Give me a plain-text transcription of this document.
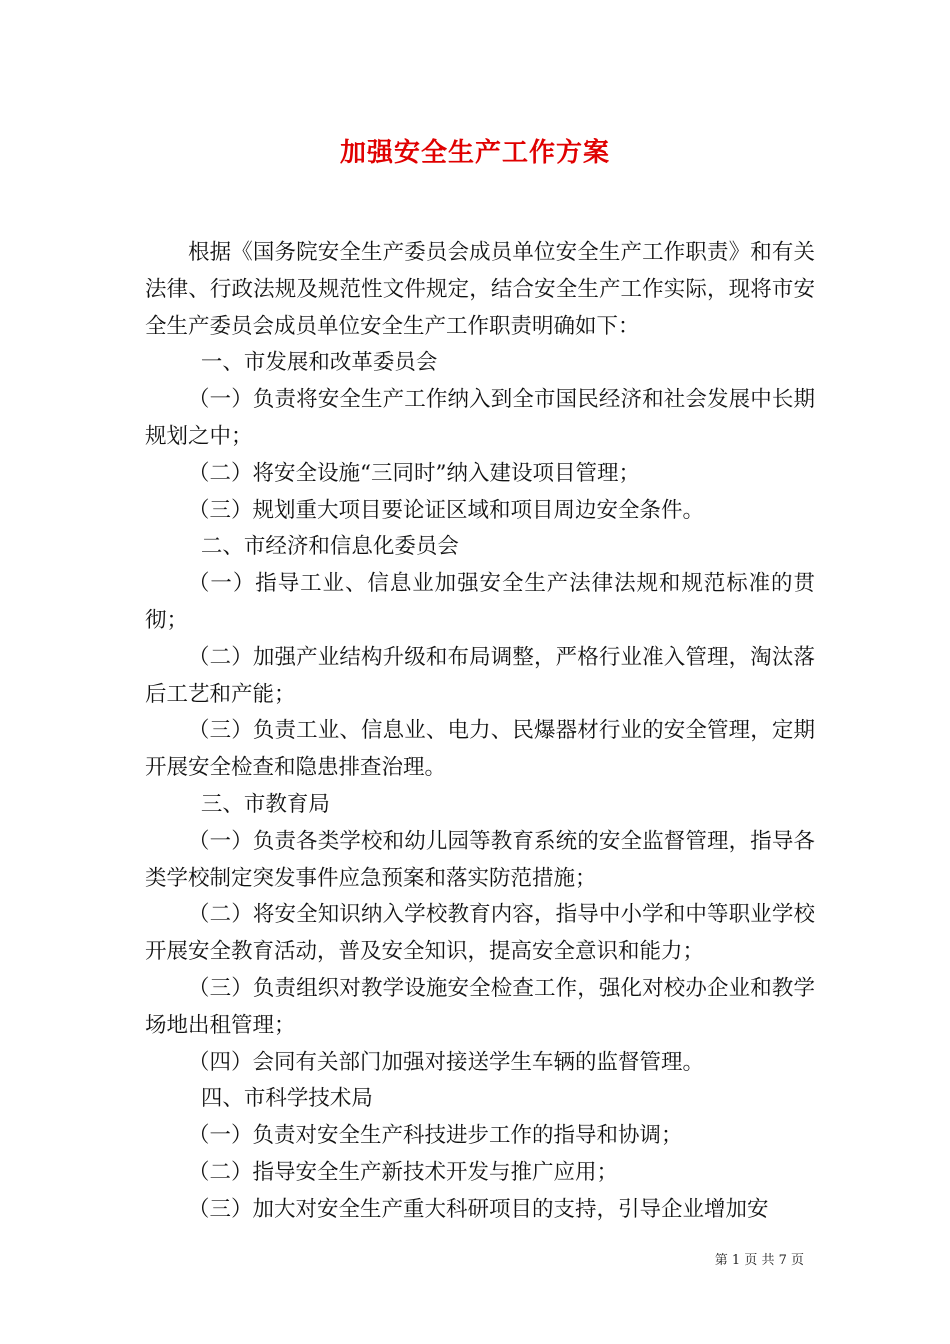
加强安全生产工作方案

根据《国务院安全生产委员会成员单位安全生产工作职责》和有关法律、行政法规及规范性文件规定，结合安全生产工作实际，现将市安全生产委员会成员单位安全生产工作职责明确如下：

一、市发展和改革委员会

（一）负责将安全生产工作纳入到全市国民经济和社会发展中长期规划之中；

（二）将安全设施“三同时”纳入建设项目管理；

（三）规划重大项目要论证区域和项目周边安全条件。

二、市经济和信息化委员会

（一）指导工业、信息业加强安全生产法律法规和规范标准的贯彻；

（二）加强产业结构升级和布局调整，严格行业准入管理，淘汰落后工艺和产能；

（三）负责工业、信息业、电力、民爆器材行业的安全管理，定期开展安全检查和隐患排查治理。

三、市教育局

（一）负责各类学校和幼儿园等教育系统的安全监督管理，指导各类学校制定突发事件应急预案和落实防范措施；

（二）将安全知识纳入学校教育内容，指导中小学和中等职业学校开展安全教育活动，普及安全知识，提高安全意识和能力；

（三）负责组织对教学设施安全检查工作，强化对校办企业和教学场地出租管理；

（四）会同有关部门加强对接送学生车辆的监督管理。

四、市科学技术局

（一）负责对安全生产科技进步工作的指导和协调；

（二）指导安全生产新技术开发与推广应用；

（三）加大对安全生产重大科研项目的支持，引导企业增加安

第 1 页 共 7 页
